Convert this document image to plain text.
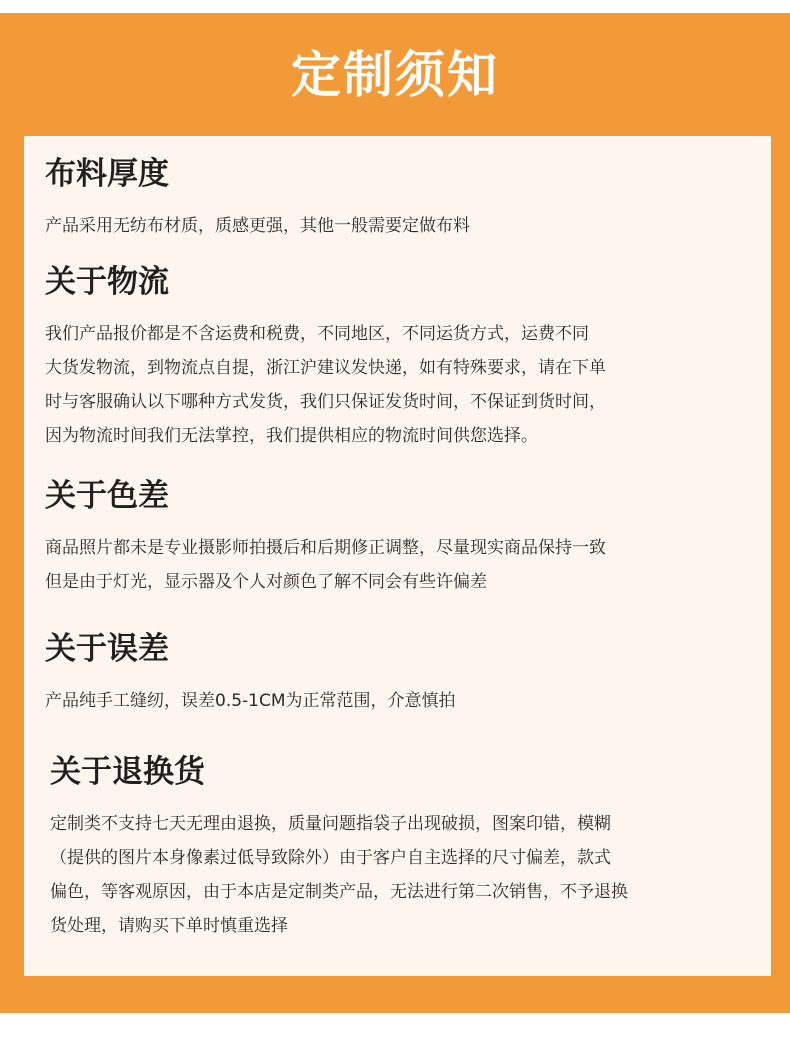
定制须知
布料厚度
产品采用无纺布材质，质感更强，其他一般需要定做布料
关于物流
我们产品报价都是不含运费和税费，不同地区，不同运货方式，运费不同
大货发物流，到物流点自提，浙江沪建议发快递，如有特殊要求，请在下单
时与客服确认以下哪种方式发货，我们只保证发货时间，不保证到货时间，
因为物流时间我们无法掌控，我们提供相应的物流时间供您选择。
关于色差
商品照片都未是专业摄影师拍摄后和后期修正调整，尽量现实商品保持一致
但是由于灯光，显示器及个人对颜色了解不同会有些许偏差
关于误差
产品纯手工缝纫，误差0.5-1CM为正常范围，介意慎拍
关于退换货
定制类不支持七天无理由退换，质量问题指袋子出现破损，图案印错，模糊
（提供的图片本身像素过低导致除外）由于客户自主选择的尺寸偏差，款式
偏色，等客观原因，由于本店是定制类产品，无法进行第二次销售，不予退换
货处理，请购买下单时慎重选择
